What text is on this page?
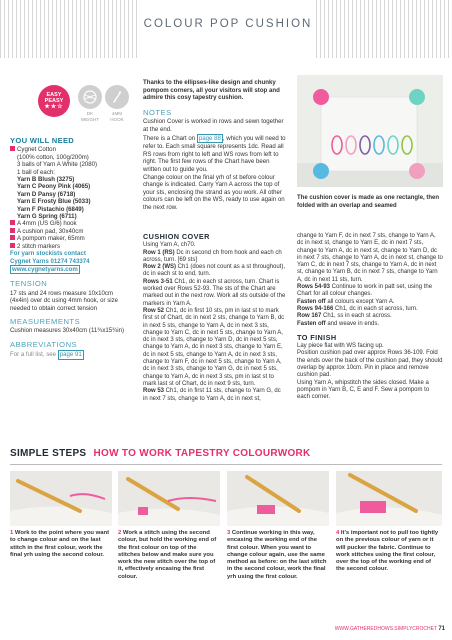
COLOUR POP CUSHION
EASY
PEASY
★★☆
DK
WEIGHT
4MM
HOOK
YOU WILL NEED
Cygnet Cotton
(100% cotton, 100g/200m)
3 balls of Yarn A White (2080)
1 ball of each:
Yarn B Blush (3275)
Yarn C Peony Pink (4065)
Yarn D Pansy (6718)
Yarn E Frosty Blue (5033)
Yarn F Pistachio (6849)
Yarn G Spring (6711)
A 4mm (US G/6) hook
A cushion pad, 30x40cm
A pompom maker, 65mm
2 stitch markers
For yarn stockists contact
Cygnet Yarns 01274 743374
www.cygnetyarns.com
TENSION
17 sts and 24 rows measure 10x10cm (4x4in) over dc using 4mm hook, or size needed to obtain correct tension
MEASUREMENTS
Cushion measures 30x40cm (11¾x15¾in)
ABBREVIATIONS
For a full list, see page 91
Thanks to the ellipses-like design and chunky pompom corners, all your visitors will stop and admire this cosy tapestry cushion.
NOTES
Cushion Cover is worked in rows and sewn together at the end.
There is a Chart on page 88 , which you will need to refer to. Each small square represents 1dc. Read all RS rows from right to left and WS rows from left to right. The first few rows of the Chart have been written out to guide you.
Change colour on the final yrh of st before colour change is indicated. Carry Yarn A across the top of your sts, enclosing the strand as you work. All other colours can be left on the WS, ready to use again on the next row.
The cushion cover is made as one rectangle, then folded with an overlap and seamed
CUSHION COVER
Using Yarn A, ch70.
Row 1 (RS) Dc in second ch from hook and each ch across, turn. [69 sts]
Row 2 (WS) Ch1 (does not count as a st throughout), dc in each st to end, turn.
Rows 3-51 Ch1, dc in each st across, turn. Chart is worked over Rows 52-93. The sts of the Chart are marked out in the next row. Work all sts outside of the markers in Yarn A.
Row 52 Ch1, dc in first 10 sts, pm in last st to mark first st of Chart, dc in next 2 sts, change to Yarn B, dc in next 5 sts, change to Yarn A, dc in next 3 sts, change to Yarn C, dc in next 5 sts, change to Yarn A, dc in next 3 sts, change to Yarn D, dc in next 5 sts, change to Yarn A, dc in next 3 sts, change to Yarn E, dc in next 5 sts, change to Yarn A, dc in next 3 sts, change to Yarn F, dc in next 5 sts, change to Yarn A, dc in next 3 sts, change to Yarn G, dc in next 5 sts, change to Yarn A, dc in next 3 sts, pm in last st to mark last st of Chart, dc in next 9 sts, turn.
Row 53 Ch1, dc in first 11 sts, change to Yarn G, dc in next 7 sts, change to Yarn A, dc in next st,
change to Yarn F, dc in next 7 sts, change to Yarn A, dc in next st, change to Yarn E, dc in next 7 sts, change to Yarn A, dc in next st, change to Yarn D, dc in next 7 sts, change to Yarn A, dc in next st, change to Yarn C, dc in next 7 sts, change to Yarn A, dc in next st, change to Yarn B, dc in next 7 sts, change to Yarn A, dc in next 11 sts, turn.
Rows 54-93 Continue to work in patt set, using the Chart for all colour changes.
Fasten off all colours except Yarn A.
Rows 94-166 Ch1, dc in each st across, turn.
Row 167 Ch1, ss in each st across.
Fasten off and weave in ends.
TO FINISH
Lay piece flat with WS facing up.
Position cushion pad over approx Rows 36-109. Fold the ends over the back of the cushion pad, they should overlap by approx 10cm. Pin in place and remove cushion pad.
Using Yarn A, whipstitch the sides closed. Make a pompom in Yarn B, C, E and F. Sew a pompom to each corner.
SIMPLE STEPS HOW TO WORK TAPESTRY COLOURWORK
1 Work to the point where you want to change colour and on the last stitch in the first colour, work the final yrh using the second colour.
2 Work a stitch using the second colour, but hold the working end of the first colour on top of the stitches below and make sure you work the new stitch over the top of it, effectively encasing the first colour.
3 Continue working in this way, encasing the working end of the first colour. When you want to change colour again, use the same method as before: on the last stitch in the second colour, work the final yrh using the first colour.
4 It's important not to pull too tightly on the previous colour of yarn or it will pucker the fabric. Continue to work stitches using the first colour, over the top of the working end of the second colour.
WWW.GATHEREDHOWS.SIMPLYCROCHET 71
